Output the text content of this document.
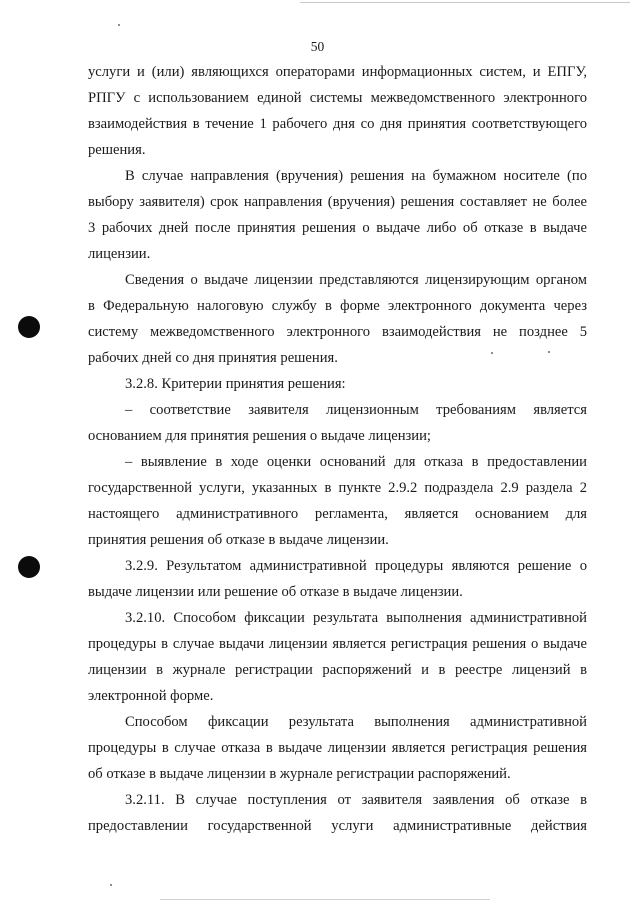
50
услуги и (или) являющихся операторами информационных систем, и ЕПГУ,
РПГУ с использованием единой системы межведомственного электронного
взаимодействия в течение 1 рабочего дня со дня принятия соответствующего
решения.
В случае направления (вручения) решения на бумажном носителе (по
выбору заявителя) срок направления (вручения) решения составляет не более
3 рабочих дней после принятия решения о выдаче либо об отказе в выдаче
лицензии.
Сведения о выдаче лицензии представляются лицензирующим органом
в Федеральную налоговую службу в форме электронного документа через
систему межведомственного электронного взаимодействия не позднее 5
рабочих дней со дня принятия решения.
3.2.8. Критерии принятия решения:
– соответствие заявителя лицензионным требованиям является
основанием для принятия решения о выдаче лицензии;
– выявление в ходе оценки оснований для отказа в предоставлении
государственной услуги, указанных в пункте 2.9.2 подраздела 2.9 раздела 2
настоящего административного регламента, является основанием для
принятия решения об отказе в выдаче лицензии.
3.2.9. Результатом административной процедуры являются решение о
выдаче лицензии или решение об отказе в выдаче лицензии.
3.2.10. Способом фиксации результата выполнения административной
процедуры в случае выдачи лицензии является регистрация решения о выдаче
лицензии в журнале регистрации распоряжений и в реестре лицензий в
электронной форме.
Способом фиксации результата выполнения административной
процедуры в случае отказа в выдаче лицензии является регистрация решения
об отказе в выдаче лицензии в журнале регистрации распоряжений.
3.2.11. В случае поступления от заявителя заявления об отказе в
предоставлении государственной услуги административные действия
